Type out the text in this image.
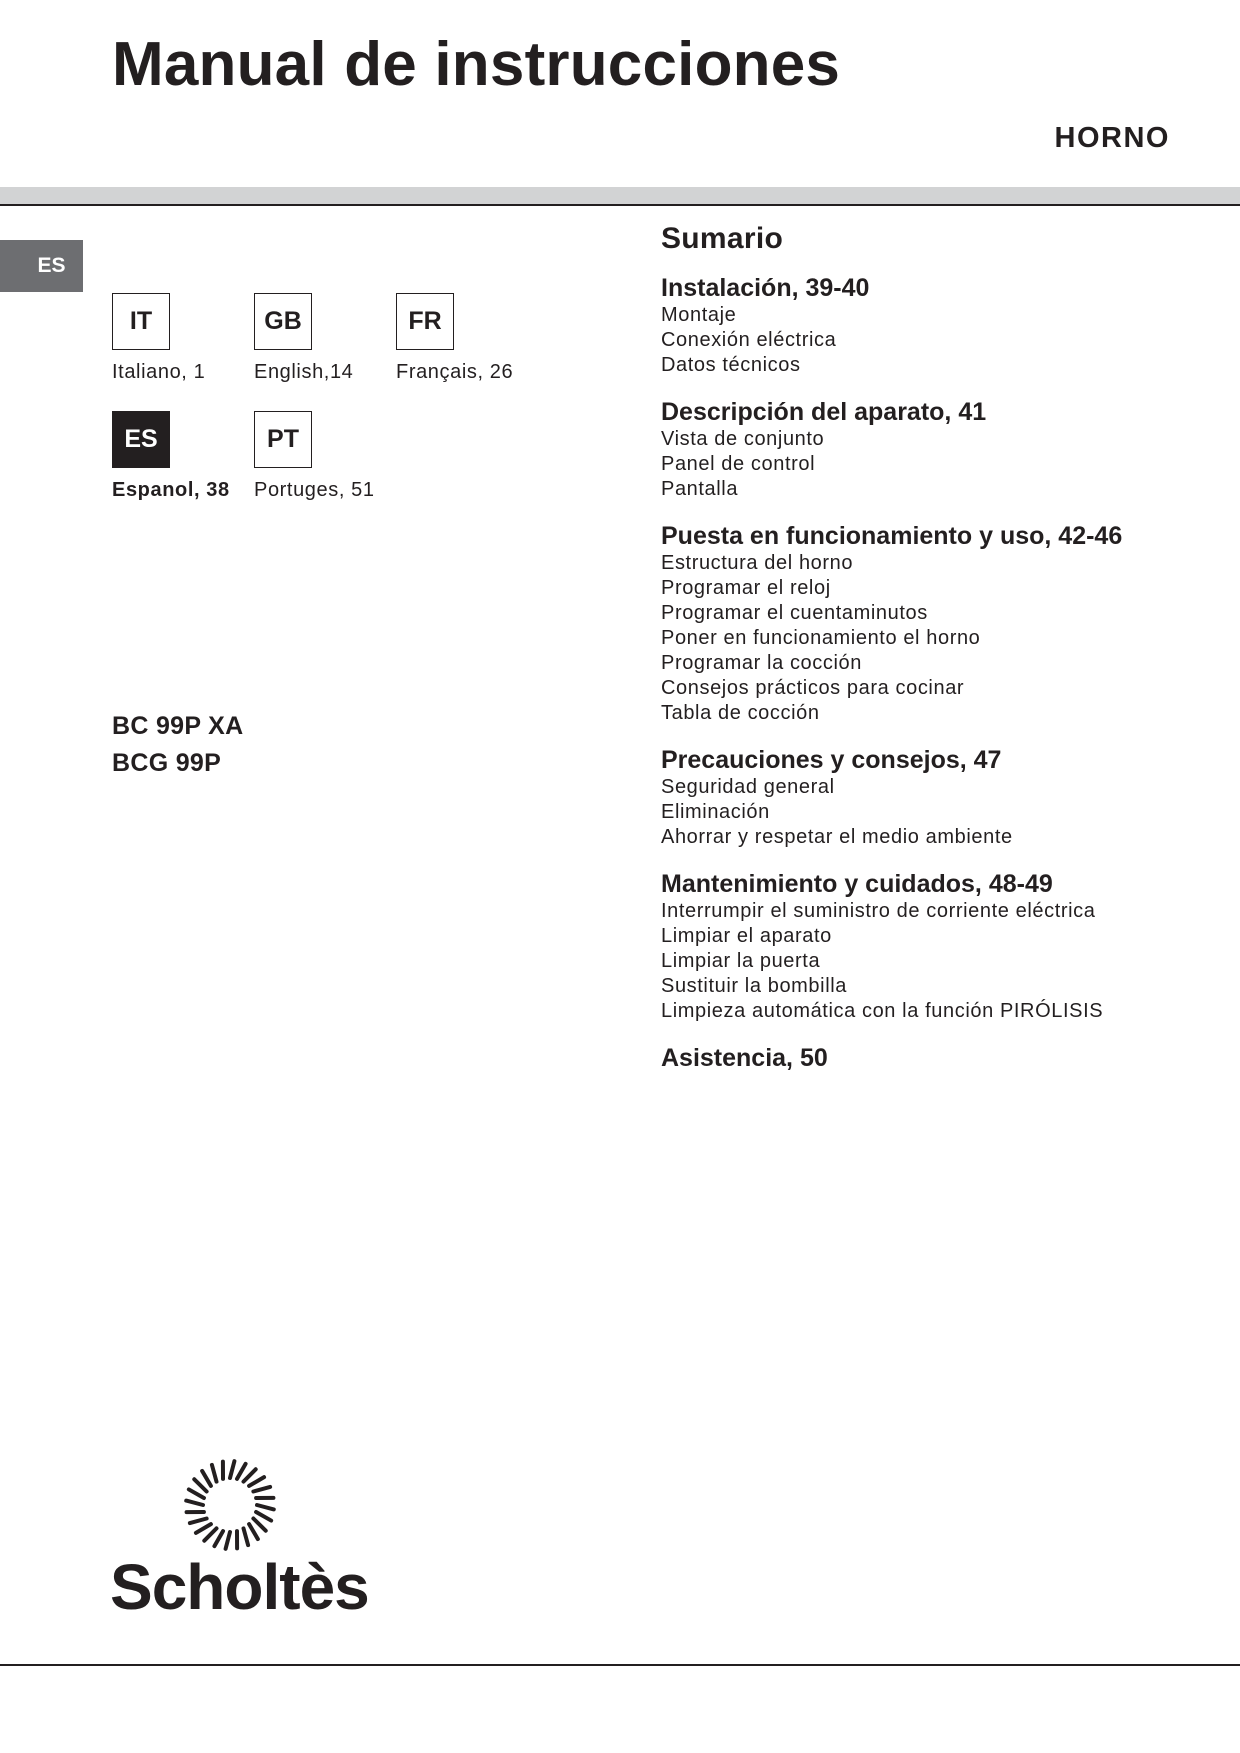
Manual de instrucciones
HORNO
ES
IT
Italiano, 1
GB
English,14
FR
Français, 26
ES
Espanol, 38
PT
Portuges, 51
BC 99P XA
BCG 99P
Sumario
Instalación, 39-40
Montaje
Conexión eléctrica
Datos técnicos
Descripción del aparato, 41
Vista de conjunto
Panel de control
Pantalla
Puesta en funcionamiento y uso, 42-46
Estructura del horno
Programar el reloj
Programar el cuentaminutos
Poner en funcionamiento el horno
Programar la cocción
Consejos prácticos para cocinar
Tabla de cocción
Precauciones y consejos, 47
Seguridad general
Eliminación
Ahorrar y respetar el medio ambiente
Mantenimiento y cuidados, 48-49
Interrumpir el suministro de corriente eléctrica
Limpiar el aparato
Limpiar la puerta
Sustituir la bombilla
Limpieza automática con la función PIRÓLISIS
Asistencia, 50
Scholtès
